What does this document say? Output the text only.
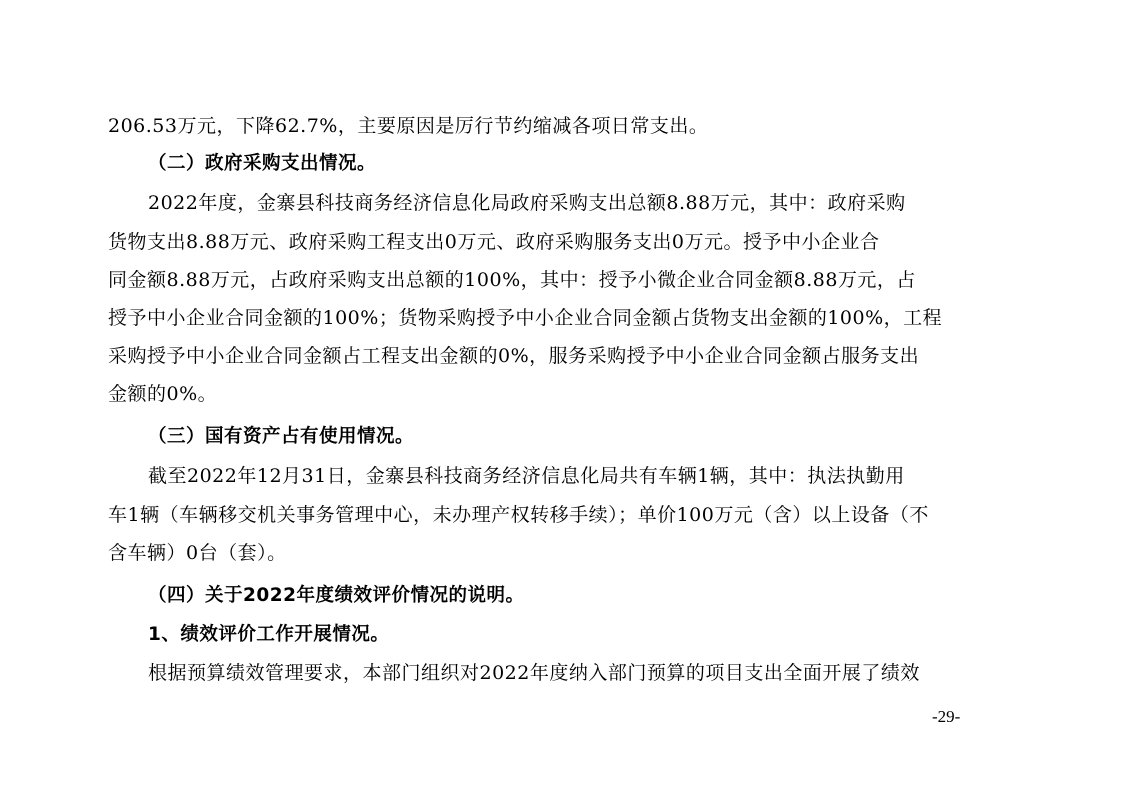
206.53万元，下降62.7%，主要原因是厉行节约缩减各项日常支出。
（二）政府采购支出情况。
2022年度，金寨县科技商务经济信息化局政府采购支出总额8.88万元，其中：政府采购
货物支出8.88万元、政府采购工程支出0万元、政府采购服务支出0万元。授予中小企业合
同金额8.88万元，占政府采购支出总额的100%，其中：授予小微企业合同金额8.88万元，占
授予中小企业合同金额的100%；货物采购授予中小企业合同金额占货物支出金额的100%，工程
采购授予中小企业合同金额占工程支出金额的0%，服务采购授予中小企业合同金额占服务支出
金额的0%。
（三）国有资产占有使用情况。
截至2022年12月31日，金寨县科技商务经济信息化局共有车辆1辆，其中：执法执勤用
车1辆（车辆移交机关事务管理中心，未办理产权转移手续）；单价100万元（含）以上设备（不
含车辆）0台（套）。
（四）关于2022年度绩效评价情况的说明。
1、绩效评价工作开展情况。
根据预算绩效管理要求，本部门组织对2022年度纳入部门预算的项目支出全面开展了绩效
-29-
